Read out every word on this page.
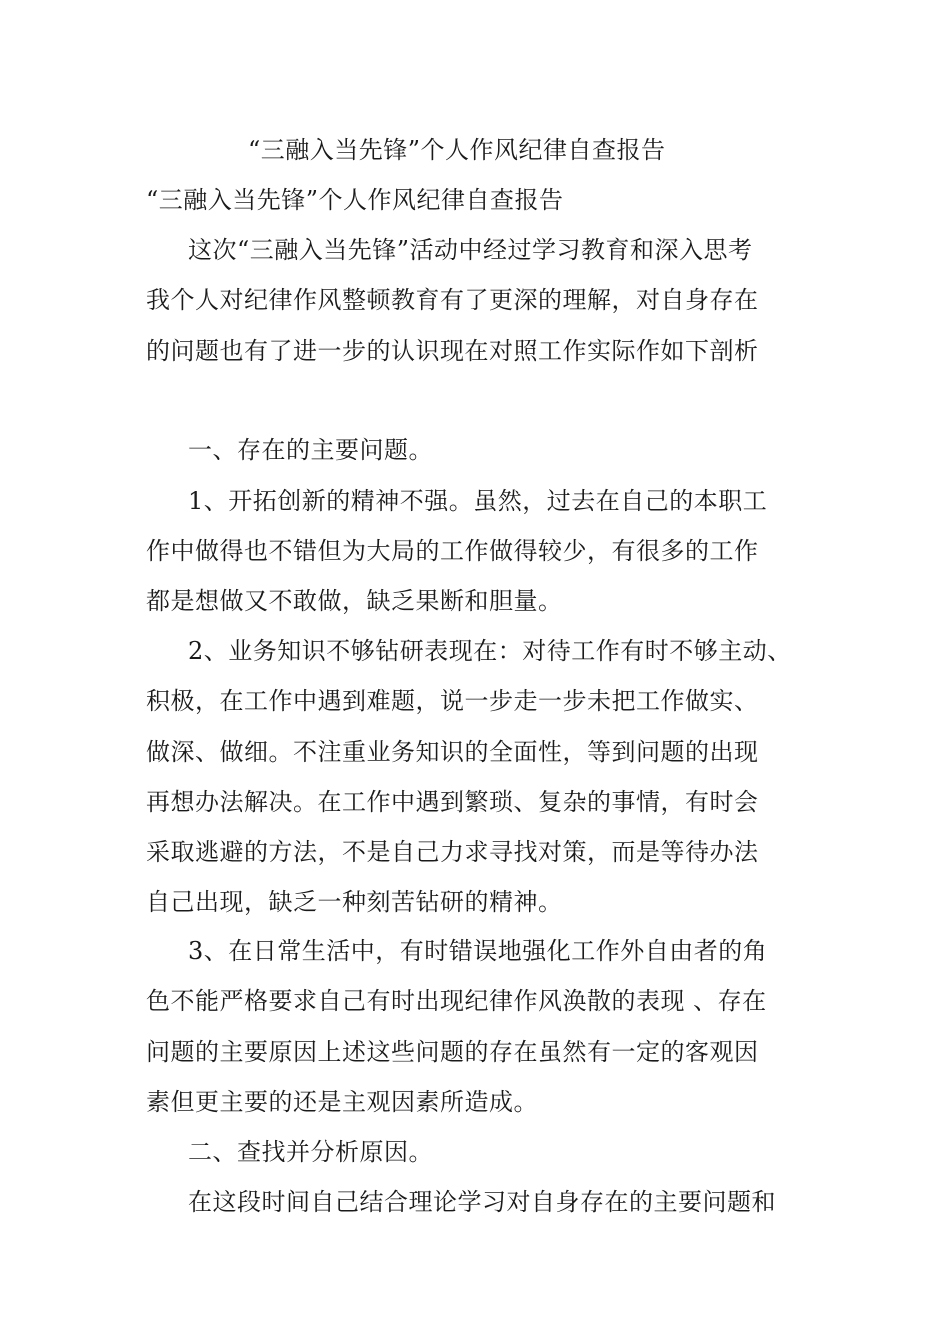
“三融入当先锋”个人作风纪律自查报告
“三融入当先锋”个人作风纪律自查报告
这次“三融入当先锋”活动中经过学习教育和深入思考
我个人对纪律作风整顿教育有了更深的理解，对自身存在
的问题也有了进一步的认识现在对照工作实际作如下剖析
一、存在的主要问题。
1、开拓创新的精神不强。虽然，过去在自己的本职工
作中做得也不错但为大局的工作做得较少，有很多的工作
都是想做又不敢做，缺乏果断和胆量。
2、业务知识不够钻研表现在：对待工作有时不够主动、
积极，在工作中遇到难题，说一步走一步未把工作做实、
做深、做细。不注重业务知识的全面性，等到问题的出现
再想办法解决。在工作中遇到繁琐、复杂的事情，有时会
采取逃避的方法，不是自己力求寻找对策，而是等待办法
自己出现，缺乏一种刻苦钻研的精神。
3、在日常生活中，有时错误地强化工作外自由者的角
色不能严格要求自己有时出现纪律作风涣散的表现 、存在
问题的主要原因上述这些问题的存在虽然有一定的客观因
素但更主要的还是主观因素所造成。
二、查找并分析原因。
在这段时间自己结合理论学习对自身存在的主要问题和
